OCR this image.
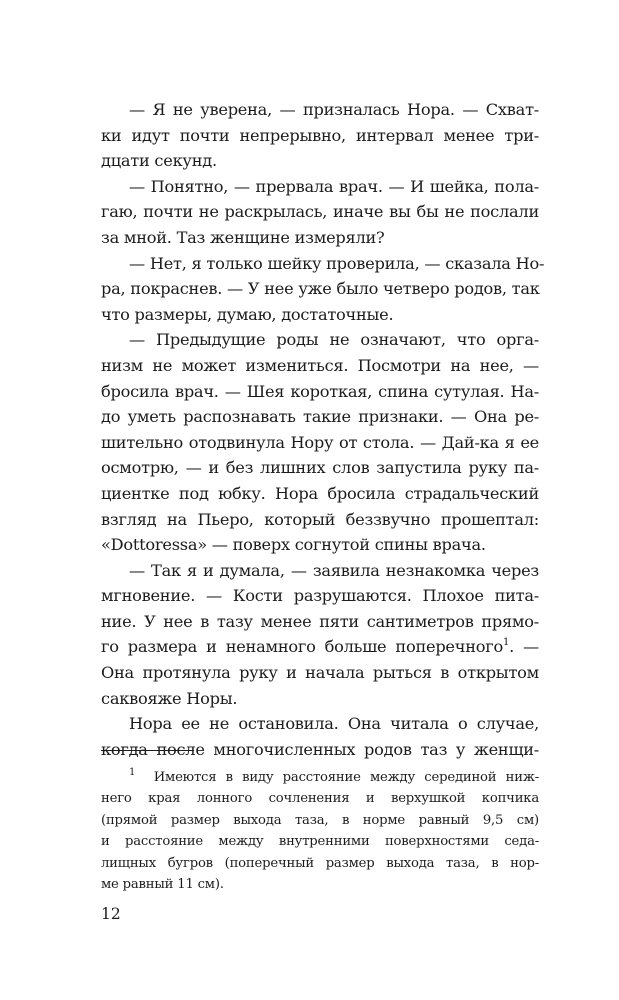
— Я не уверена, — призналась Нора. — Схват-
ки идут почти непрерывно, интервал менее три-
дцати секунд.
— Понятно, — прервала врач. — И шейка, пола-
гаю, почти не раскрылась, иначе вы бы не послали
за мной. Таз женщине измеряли?
— Нет, я только шейку проверила, — сказала Но-
ра, покраснев. — У нее уже было четверо родов, так
что размеры, думаю, достаточные.
— Предыдущие роды не означают, что орга-
низм не может измениться. Посмотри на нее, —
бросила врач. — Шея короткая, спина сутулая. На-
до уметь распознавать такие признаки. — Она ре-
шительно отодвинула Нору от стола. — Дай-ка я ее
осмотрю, — и без лишних слов запустила руку па-
циентке под юбку. Нора бросила страдальческий
взгляд на Пьеро, который беззвучно прошептал:
«Dottoressa» — поверх согнутой спины врача.
— Так я и думала, — заявила незнакомка через
мгновение. — Кости разрушаются. Плохое пита-
ние. У нее в тазу менее пяти сантиметров прямо-
го размера и ненамного больше поперечного$^1$. —
Она протянула руку и начала рыться в открытом
саквояже Норы.
Нора ее не остановила. Она читала о случае,
когда после многочисленных родов таз у женщи-
$^1$ Имеются в виду расстояние между серединой ниж-
него края лонного сочленения и верхушкой копчика
(прямой размер выхода таза, в норме равный 9,5 см)
и расстояние между внутренними поверхностями седа-
лищных бугров (поперечный размер выхода таза, в нор-
ме равный 11 см).
12
